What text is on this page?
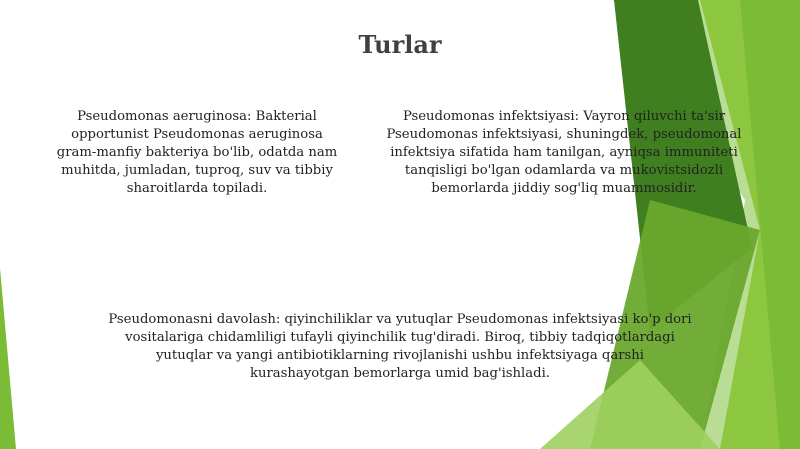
Turlar
Pseudomonas aeruginosa: Bakterial opportunist Pseudomonas aeruginosa gram-manfiy bakteriya bo'lib, odatda nam muhitda, jumladan, tuproq, suv va tibbiy sharoitlarda topiladi.
Pseudomonas infektsiyasi: Vayron qiluvchi ta'sir Pseudomonas infektsiyasi, shuningdek, pseudomonal infektsiya sifatida ham tanilgan, ayniqsa immuniteti tanqisligi bo'lgan odamlarda va mukovistsidozli bemorlarda jiddiy sog'liq muammosidir.
Pseudomonasni davolash: qiyinchiliklar va yutuqlar Pseudomonas infektsiyasi ko'p dori vositalariga chidamliligi tufayli qiyinchilik tug'diradi. Biroq, tibbiy tadqiqotlardagi yutuqlar va yangi antibiotiklarning rivojlanishi ushbu infektsiyaga qarshi kurashayotgan bemorlarga umid bag'ishladi.
